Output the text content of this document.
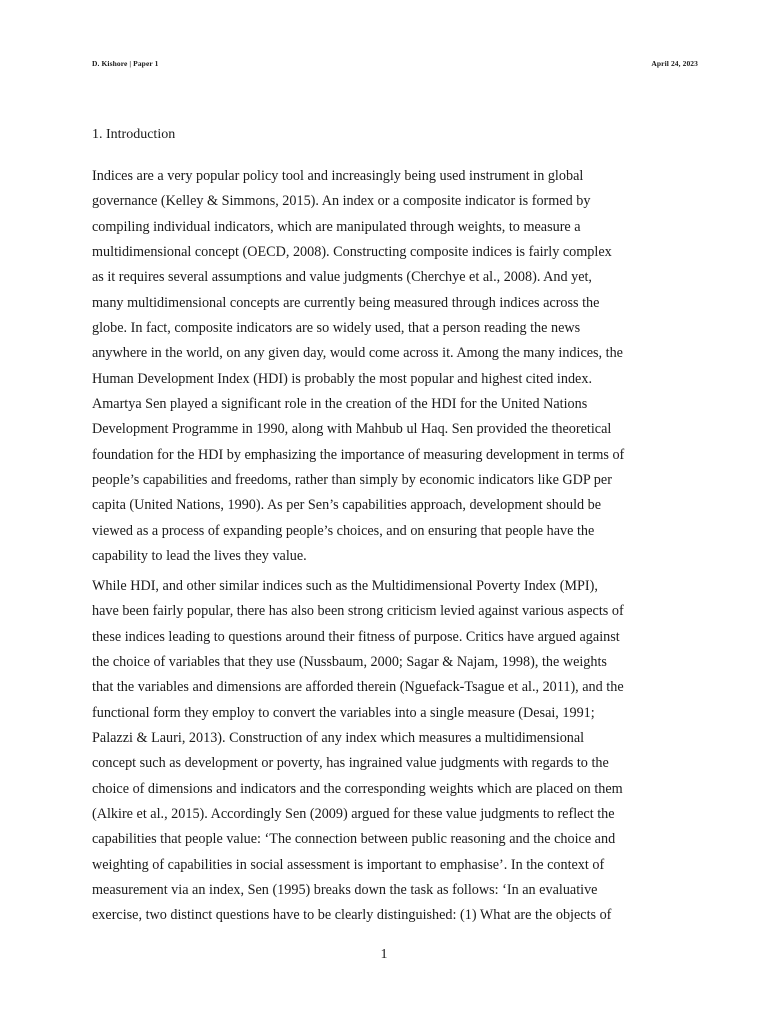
D. Kishore | Paper 1	April 24, 2023
1. Introduction

Indices are a very popular policy tool and increasingly being used instrument in global
governance (Kelley & Simmons, 2015). An index or a composite indicator is formed by
compiling individual indicators, which are manipulated through weights, to measure a
multidimensional concept (OECD, 2008). Constructing composite indices is fairly complex
as it requires several assumptions and value judgments (Cherchye et al., 2008). And yet,
many multidimensional concepts are currently being measured through indices across the
globe. In fact, composite indicators are so widely used, that a person reading the news
anywhere in the world, on any given day, would come across it. Among the many indices, the
Human Development Index (HDI) is probably the most popular and highest cited index.
Amartya Sen played a significant role in the creation of the HDI for the United Nations
Development Programme in 1990, along with Mahbub ul Haq. Sen provided the theoretical
foundation for the HDI by emphasizing the importance of measuring development in terms of
people’s capabilities and freedoms, rather than simply by economic indicators like GDP per
capita (United Nations, 1990). As per Sen’s capabilities approach, development should be
viewed as a process of expanding people’s choices, and on ensuring that people have the
capability to lead the lives they value.

While HDI, and other similar indices such as the Multidimensional Poverty Index (MPI),
have been fairly popular, there has also been strong criticism levied against various aspects of
these indices leading to questions around their fitness of purpose. Critics have argued against
the choice of variables that they use (Nussbaum, 2000; Sagar & Najam, 1998), the weights
that the variables and dimensions are afforded therein (Nguefack-Tsague et al., 2011), and the
functional form they employ to convert the variables into a single measure (Desai, 1991;
Palazzi & Lauri, 2013). Construction of any index which measures a multidimensional
concept such as development or poverty, has ingrained value judgments with regards to the
choice of dimensions and indicators and the corresponding weights which are placed on them
(Alkire et al., 2015). Accordingly Sen (2009) argued for these value judgments to reflect the
capabilities that people value: ‘The connection between public reasoning and the choice and
weighting of capabilities in social assessment is important to emphasise’. In the context of
measurement via an index, Sen (1995) breaks down the task as follows: ‘In an evaluative
exercise, two distinct questions have to be clearly distinguished: (1) What are the objects of

1
